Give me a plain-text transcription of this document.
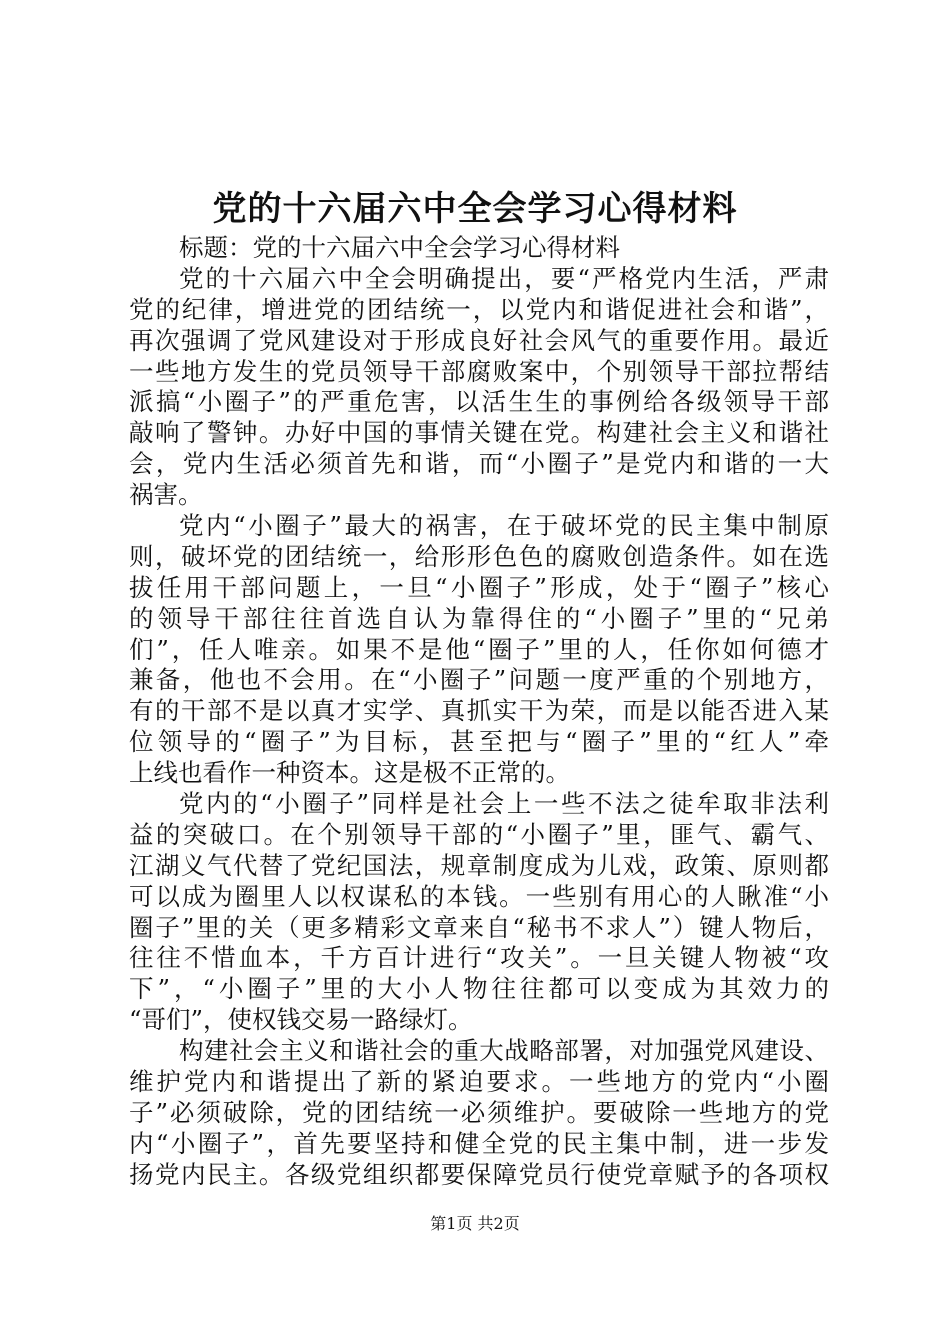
党的十六届六中全会学习心得材料
标题：党的十六届六中全会学习心得材料
党的十六届六中全会明确提出，要“严格党内生活，严肃
党的纪律，增进党的团结统一，以党内和谐促进社会和谐”，
再次强调了党风建设对于形成良好社会风气的重要作用。最近
一些地方发生的党员领导干部腐败案中，个别领导干部拉帮结
派搞“小圈子”的严重危害，以活生生的事例给各级领导干部
敲响了警钟。办好中国的事情关键在党。构建社会主义和谐社
会，党内生活必须首先和谐，而“小圈子”是党内和谐的一大
祸害。
党内“小圈子”最大的祸害，在于破坏党的民主集中制原
则，破坏党的团结统一，给形形色色的腐败创造条件。如在选
拔任用干部问题上，一旦“小圈子”形成，处于“圈子”核心
的领导干部往往首选自认为靠得住的“小圈子”里的“兄弟
们”，任人唯亲。如果不是他“圈子”里的人，任你如何德才
兼备，他也不会用。在“小圈子”问题一度严重的个别地方，
有的干部不是以真才实学、真抓实干为荣，而是以能否进入某
位领导的“圈子”为目标，甚至把与“圈子”里的“红人”牵
上线也看作一种资本。这是极不正常的。
党内的“小圈子”同样是社会上一些不法之徒牟取非法利
益的突破口。在个别领导干部的“小圈子”里，匪气、霸气、
江湖义气代替了党纪国法，规章制度成为儿戏，政策、原则都
可以成为圈里人以权谋私的本钱。一些别有用心的人瞅准“小
圈子”里的关（更多精彩文章来自“秘书不求人”）键人物后，
往往不惜血本，千方百计进行“攻关”。一旦关键人物被“攻
下”，“小圈子”里的大小人物往往都可以变成为其效力的
“哥们”，使权钱交易一路绿灯。
构建社会主义和谐社会的重大战略部署，对加强党风建设、
维护党内和谐提出了新的紧迫要求。一些地方的党内“小圈
子”必须破除，党的团结统一必须维护。要破除一些地方的党
内“小圈子”，首先要坚持和健全党的民主集中制，进一步发
扬党内民主。各级党组织都要保障党员行使党章赋予的各项权
第1页 共2页
